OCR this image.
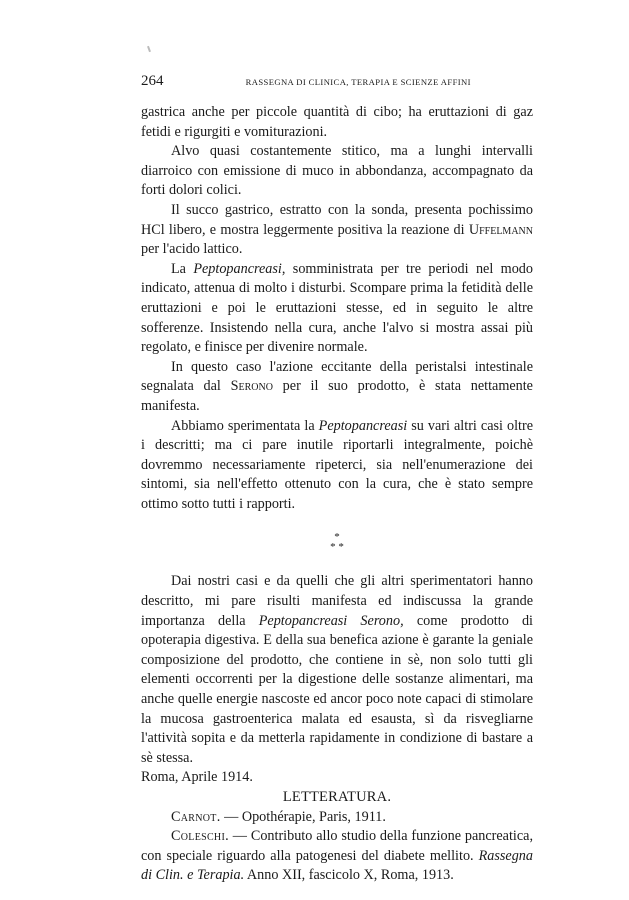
264	RASSEGNA DI CLINICA, TERAPIA E SCIENZE AFFINI

gastrica anche per piccole quantità di cibo; ha eruttazioni di gaz fetidi e rigurgiti e vomiturazioni.

Alvo quasi costantemente stitico, ma a lunghi intervalli diarroico con emissione di muco in abbondanza, accompagnato da forti dolori colici.

Il succo gastrico, estratto con la sonda, presenta pochissimo HCl libero, e mostra leggermente positiva la reazione di Uffelmann per l'acido lattico.

La Peptopancreasi, somministrata per tre periodi nel modo indicato, attenua di molto i disturbi. Scompare prima la fetidità delle eruttazioni e poi le eruttazioni stesse, ed in seguito le altre sofferenze. Insistendo nella cura, anche l'alvo si mostra assai più regolato, e finisce per divenire normale.

In questo caso l'azione eccitante della peristalsi intestinale segnalata dal Serono per il suo prodotto, è stata nettamente manifesta.

Abbiamo sperimentata la Peptopancreasi su vari altri casi oltre i descritti; ma ci pare inutile riportarli integralmente, poichè dovremmo necessariamente ripeterci, sia nell'enumerazione dei sintomi, sia nell'effetto ottenuto con la cura, che è stato sempre ottimo sotto tutti i rapporti.

*
* *

Dai nostri casi e da quelli che gli altri sperimentatori hanno descritto, mi pare risulti manifesta ed indiscussa la grande importanza della Peptopancreasi Serono, come prodotto di opoterapia digestiva. E della sua benefica azione è garante la geniale composizione del prodotto, che contiene in sè, non solo tutti gli elementi occorrenti per la digestione delle sostanze alimentari, ma anche quelle energie nascoste ed ancor poco note capaci di stimolare la mucosa gastroenterica malata ed esausta, sì da risvegliarne l'attività sopita e da metterla rapidamente in condizione di bastare a sè stessa.

Roma, Aprile 1914.

LETTERATURA.

Carnot. — Opothérapie, Paris, 1911.

Coleschi. — Contributo allo studio della funzione pancreatica, con speciale riguardo alla patogenesi del diabete mellito. Rassegna di Clin. e Terapia. Anno XII, fascicolo X, Roma, 1913.
